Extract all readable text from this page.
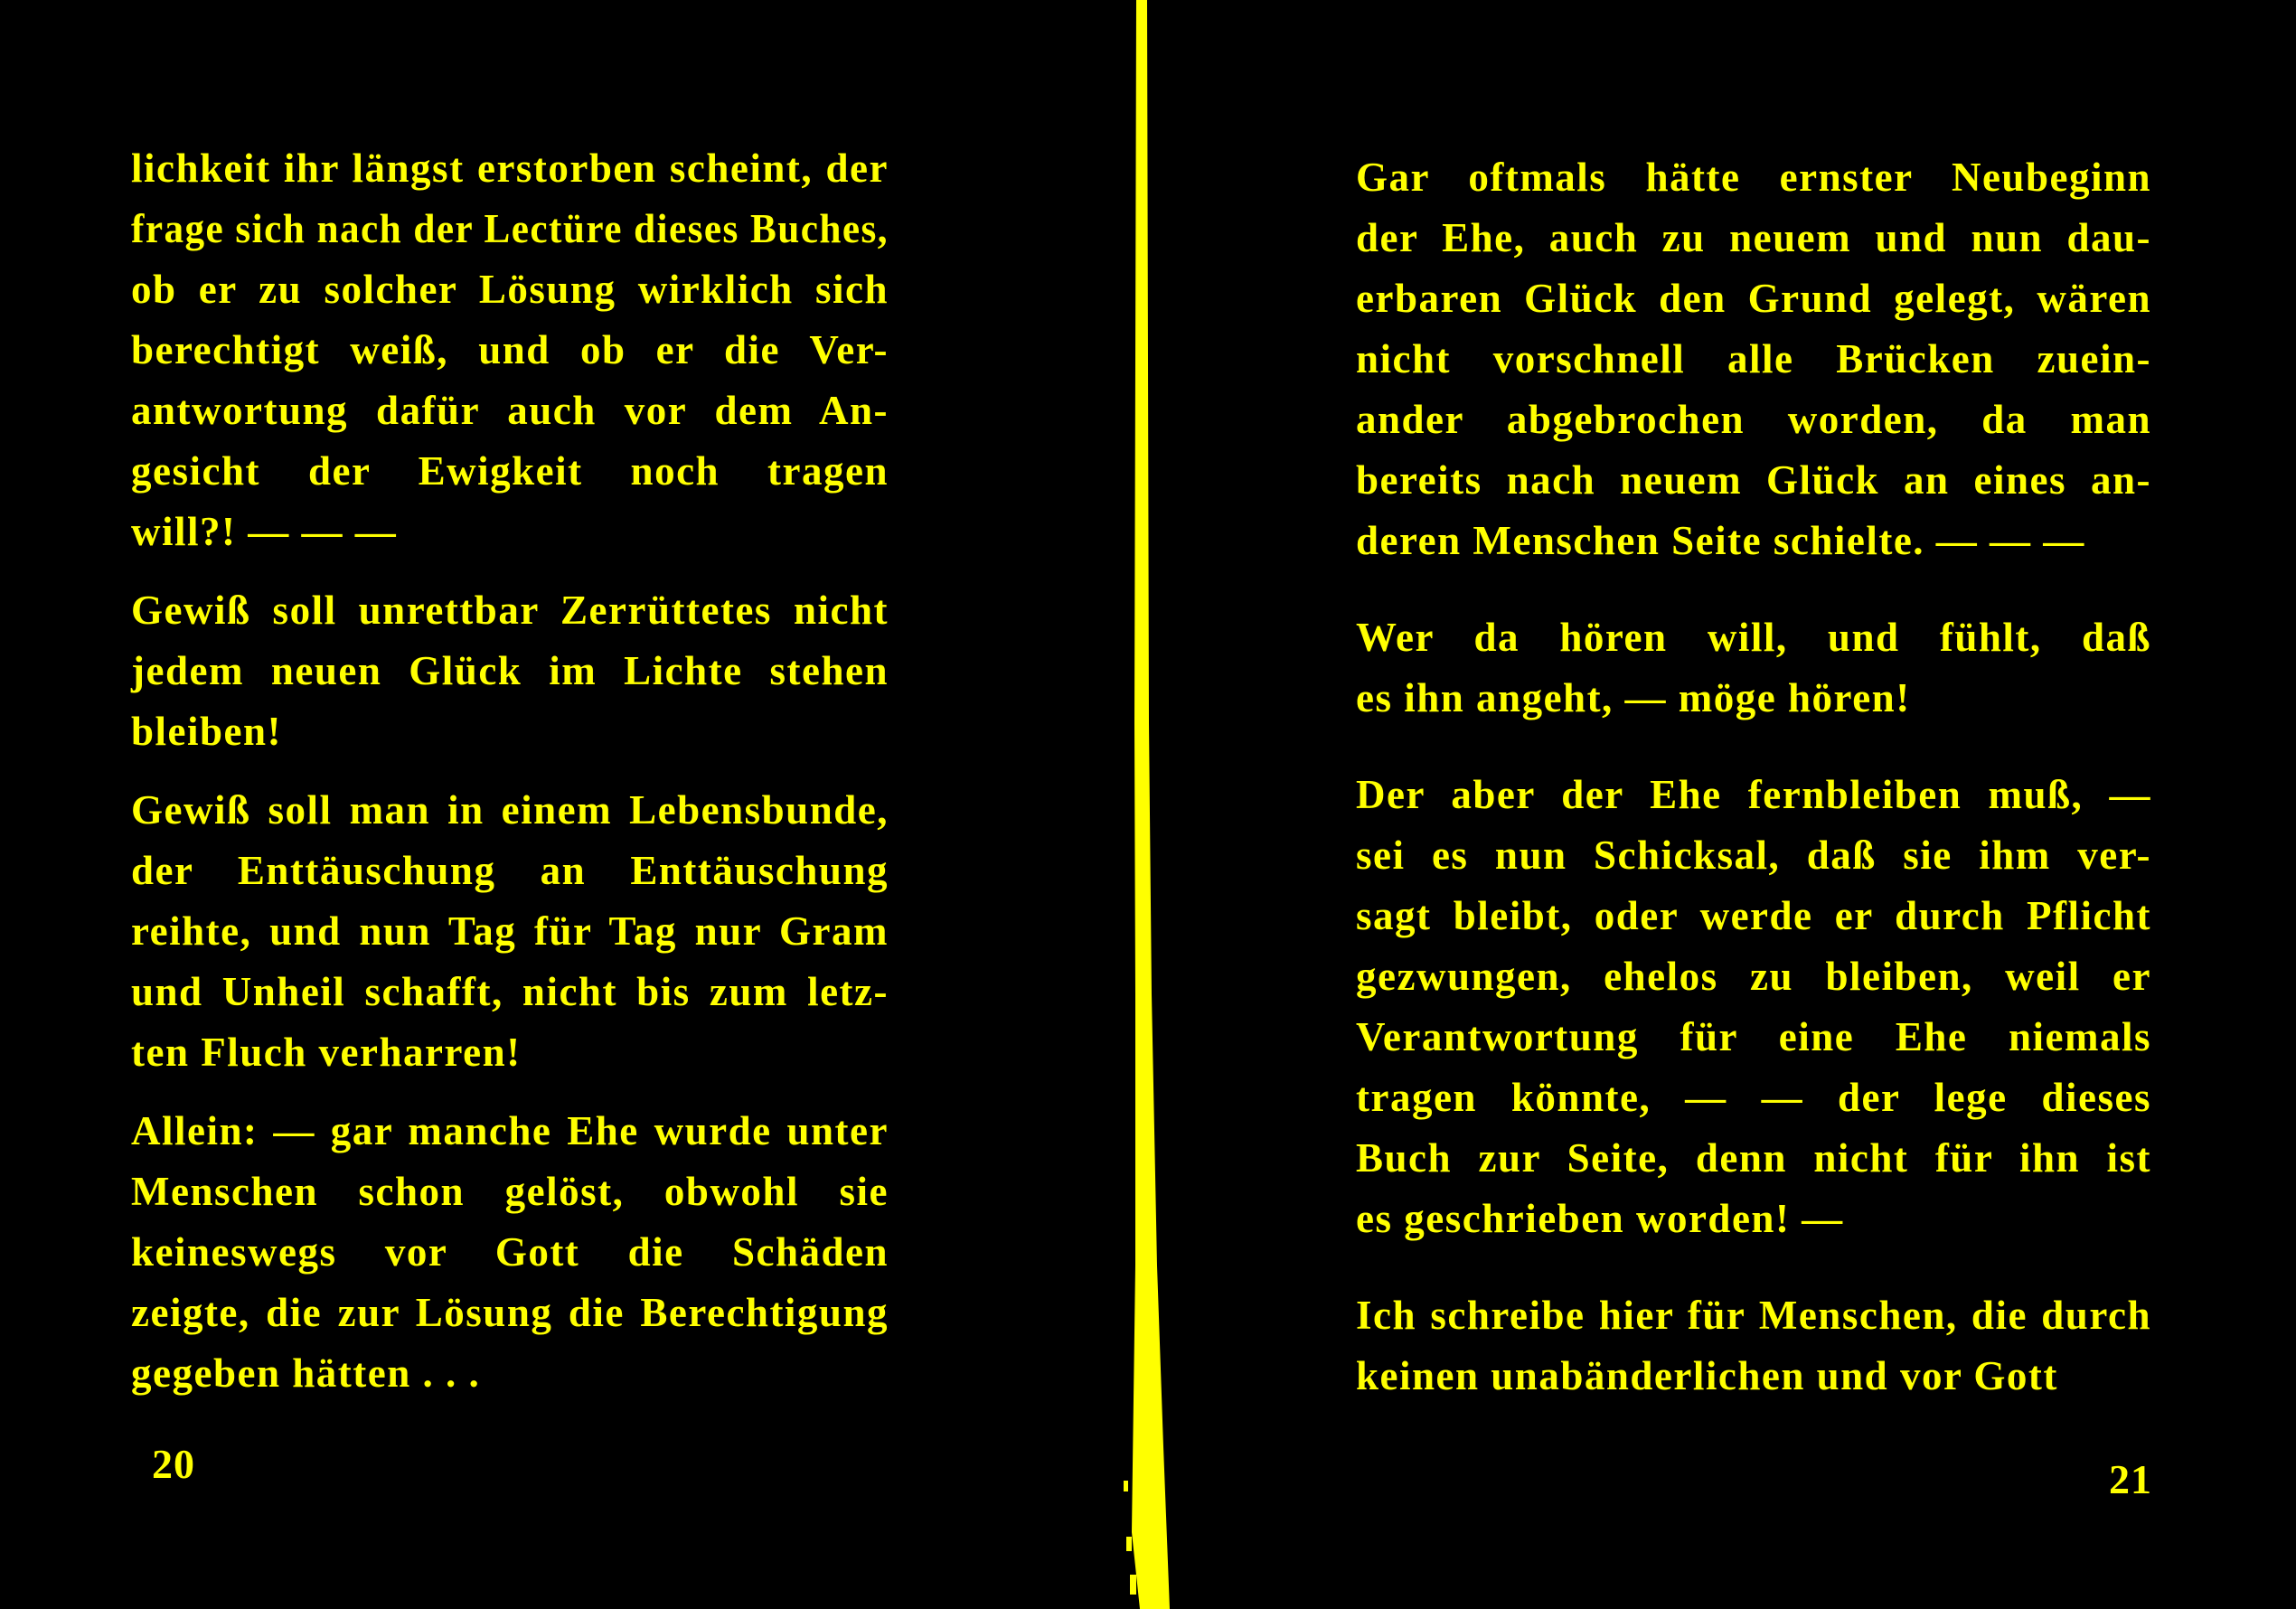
lichkeit ihr längst erstorben scheint, der
frage sich nach der Lectüre dieses Buches,
ob er zu solcher Lösung wirklich sich
berechtigt weiß, und ob er die Ver-
antwortung dafür auch vor dem An-
gesicht der Ewigkeit noch tragen
will?! — — —
Gewiß soll unrettbar Zerrüttetes nicht
jedem neuen Glück im Lichte stehen
bleiben!
Gewiß soll man in einem Lebensbunde,
der Enttäuschung an Enttäuschung
reihte, und nun Tag für Tag nur Gram
und Unheil schafft, nicht bis zum letz-
ten Fluch verharren!
Allein: — gar manche Ehe wurde unter
Menschen schon gelöst, obwohl sie
keineswegs vor Gott die Schäden
zeigte, die zur Lösung die Berechtigung
gegeben hätten . . .
Gar oftmals hätte ernster Neubeginn
der Ehe, auch zu neuem und nun dau-
erbaren Glück den Grund gelegt, wären
nicht vorschnell alle Brücken zuein-
ander abgebrochen worden, da man
bereits nach neuem Glück an eines an-
deren Menschen Seite schielte. — — —
Wer da hören will, und fühlt, daß
es ihn angeht, — möge hören!
Der aber der Ehe fernbleiben muß, —
sei es nun Schicksal, daß sie ihm ver-
sagt bleibt, oder werde er durch Pflicht
gezwungen, ehelos zu bleiben, weil er
Verantwortung für eine Ehe niemals
tragen könnte, — — der lege dieses
Buch zur Seite, denn nicht für ihn ist
es geschrieben worden! —
Ich schreibe hier für Menschen, die durch
keinen unabänderlichen und vor Gott
20	21
